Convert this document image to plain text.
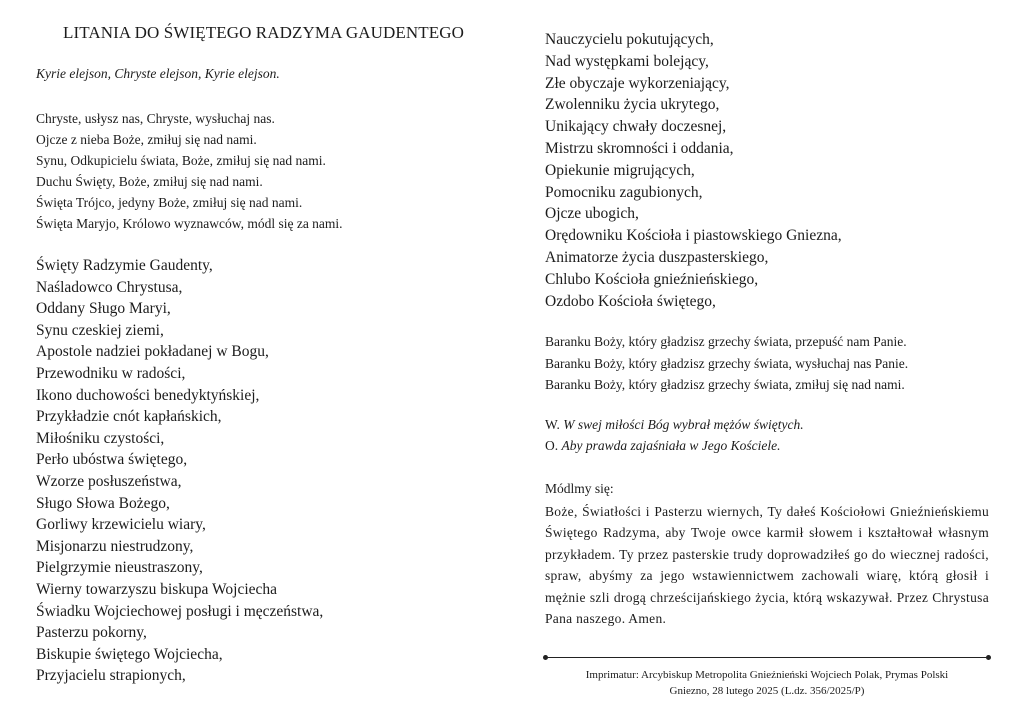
LITANIA DO ŚWIĘTEGO RADZYMA GAUDENTEGO
Kyrie elejson, Chryste elejson, Kyrie elejson.
Chryste, usłysz nas, Chryste, wysłuchaj nas.
Ojcze z nieba Boże, zmiłuj się nad nami.
Synu, Odkupicielu świata, Boże, zmiłuj się nad nami.
Duchu Święty, Boże, zmiłuj się nad nami.
Święta Trójco, jedyny Boże, zmiłuj się nad nami.
Święta Maryjo, Królowo wyznawców, módl się za nami.
Święty Radzymie Gaudenty,
Naśladowco Chrystusa,
Oddany Sługo Maryi,
Synu czeskiej ziemi,
Apostole nadziei pokładanej w Bogu,
Przewodniku w radości,
Ikono duchowości benedyktyńskiej,
Przykładzie cnót kapłańskich,
Miłośniku czystości,
Perło ubóstwa świętego,
Wzorze posłuszeństwa,
Sługo Słowa Bożego,
Gorliwy krzewicielu wiary,
Misjonarzu niestrudzony,
Pielgrzymie nieustraszony,
Wierny towarzyszu biskupa Wojciecha
Świadku Wojciechowej posługi i męczeństwa,
Pasterzu pokorny,
Biskupie świętego Wojciecha,
Przyjacielu strapionych,
Nauczycielu pokutujących,
Nad występkami bolejący,
Złe obyczaje wykorzeniający,
Zwolenniku życia ukrytego,
Unikający chwały doczesnej,
Mistrzu skromności i oddania,
Opiekunie migrujących,
Pomocniku zagubionych,
Ojcze ubogich,
Orędowniku Kościoła i piastowskiego Gniezna,
Animatorze życia duszpasterskiego,
Chlubo Kościoła gnieźnieńskiego,
Ozdobo Kościoła świętego,
Baranku Boży, który gładzisz grzechy świata, przepuść nam Panie.
Baranku Boży, który gładzisz grzechy świata, wysłuchaj nas Panie.
Baranku Boży, który gładzisz grzechy świata, zmiłuj się nad nami.
W. W swej miłości Bóg wybrał mężów świętych.
O. Aby prawda zajaśniała w Jego Kościele.
Módlmy się:
Boże, Światłości i Pasterzu wiernych, Ty dałeś Kościołowi Gnieźnieńskiemu Świętego Radzyma, aby Twoje owce karmił słowem i kształtował własnym przykładem. Ty przez pasterskie trudy doprowadziłeś go do wiecznej radości, spraw, abyśmy za jego wstawiennictwem zachowali wiarę, którą głosił i mężnie szli drogą chrześcijańskiego życia, którą wskazywał. Przez Chrystusa Pana naszego. Amen.
Imprimatur: Arcybiskup Metropolita Gnieźnieński Wojciech Polak, Prymas Polski
Gniezno, 28 lutego 2025 (L.dz. 356/2025/P)
